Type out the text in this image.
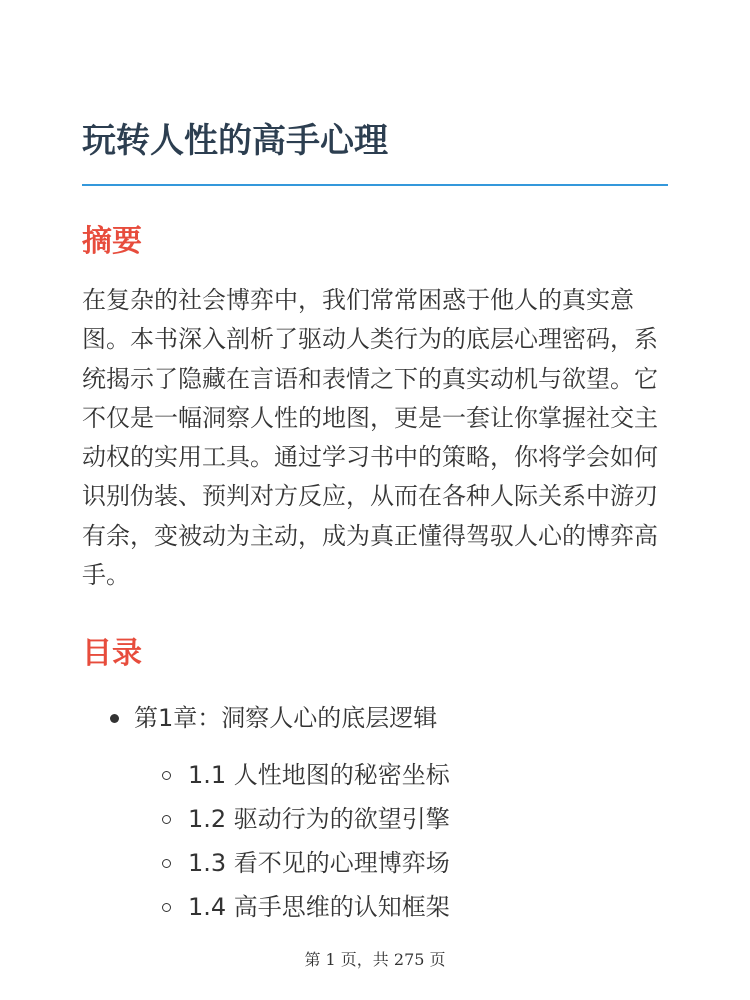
玩转人性的高手心理
摘要

在复杂的社会博弈中，我们常常困惑于他人的真实意图。本书深入剖析了驱动人类行为的底层心理密码，系统揭示了隐藏在言语和表情之下的真实动机与欲望。它不仅是一幅洞察人性的地图，更是一套让你掌握社交主动权的实用工具。通过学习书中的策略，你将学会如何识别伪装、预判对方反应，从而在各种人际关系中游刃有余，变被动为主动，成为真正懂得驾驭人心的博弈高手。

目录
第1章：洞察人心的底层逻辑
1.1 人性地图的秘密坐标
1.2 驱动行为的欲望引擎
1.3 看不见的心理博弈场
1.4 高手思维的认知框架
第 1 页，共 275 页
